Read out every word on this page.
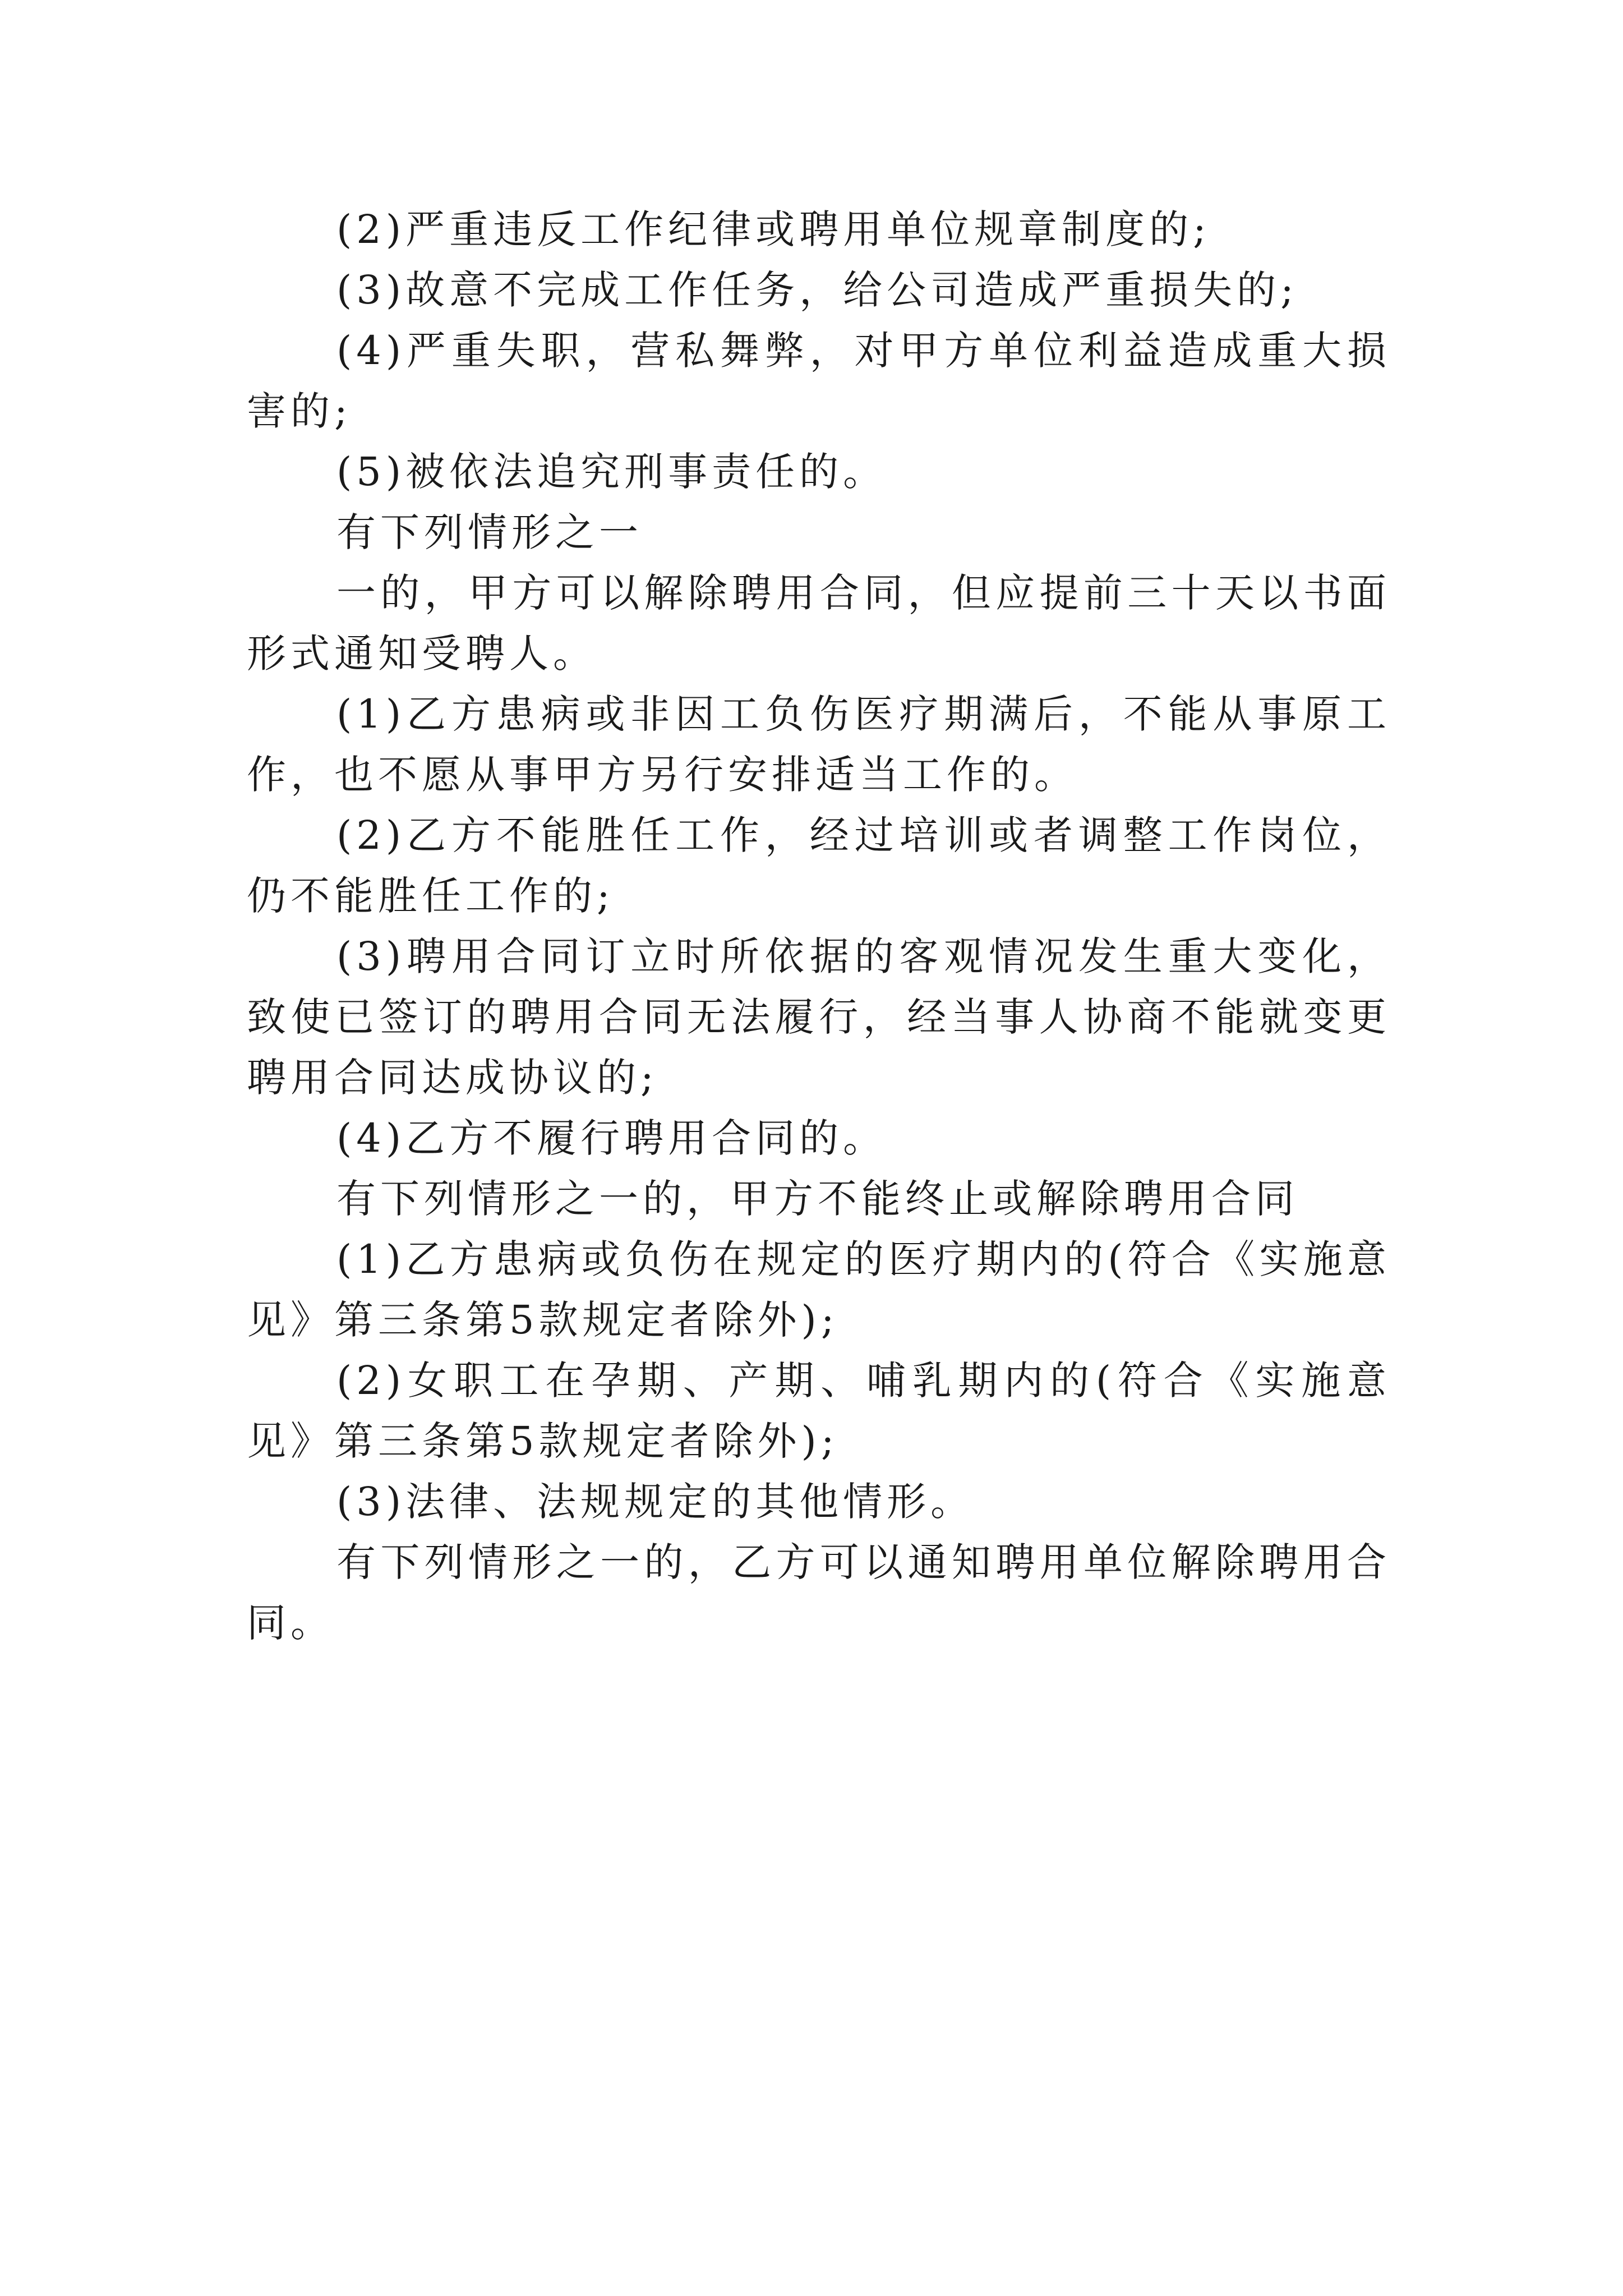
(2)严重违反工作纪律或聘用单位规章制度的;

(3)故意不完成工作任务，给公司造成严重损失的;

(4)严重失职，营私舞弊，对甲方单位利益造成重大损害的;

(5)被依法追究刑事责任的。

有下列情形之一

一的，甲方可以解除聘用合同，但应提前三十天以书面形式通知受聘人。

(1)乙方患病或非因工负伤医疗期满后，不能从事原工作，也不愿从事甲方另行安排适当工作的。

(2)乙方不能胜任工作，经过培训或者调整工作岗位，仍不能胜任工作的;

(3)聘用合同订立时所依据的客观情况发生重大变化，致使已签订的聘用合同无法履行，经当事人协商不能就变更聘用合同达成协议的;

(4)乙方不履行聘用合同的。

有下列情形之一的，甲方不能终止或解除聘用合同

(1)乙方患病或负伤在规定的医疗期内的(符合《实施意见》第三条第5款规定者除外);

(2)女职工在孕期、产期、哺乳期内的(符合《实施意见》第三条第5款规定者除外);

(3)法律、法规规定的其他情形。

有下列情形之一的，乙方可以通知聘用单位解除聘用合同。
